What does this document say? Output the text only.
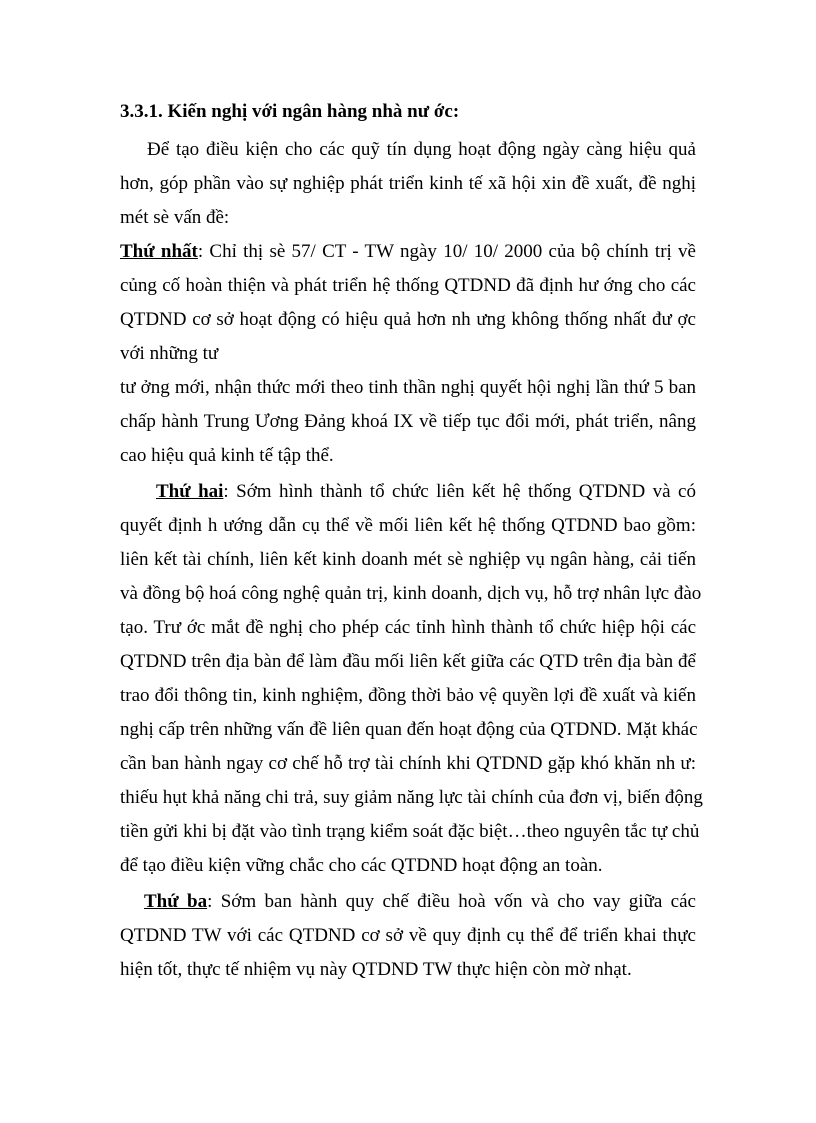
3.3.1. Kiến nghị với ngân hàng nhà nư ớc:
Để tạo điều kiện cho các quỹ tín dụng hoạt động ngày càng hiệu quả
hơn, góp phần vào sự nghiệp phát triển kinh tế xã hội xin đề xuất, đề nghị
mét sè vấn đề:
Thứ nhất: Chỉ thị sè 57/ CT - TW ngày 10/ 10/ 2000 của bộ chính trị về
củng cố hoàn thiện và phát triển hệ thống QTDND đã định hư ớng cho các
QTDND cơ sở hoạt động có hiệu quả hơn nh ưng không thống nhất đư ợc
với những tư
tư ởng mới, nhận thức mới theo tinh thần nghị quyết hội nghị lần thứ 5 ban
chấp hành Trung Ương Đảng khoá IX về tiếp tục đổi mới, phát triển, nâng
cao hiệu quả kinh tế tập thể.
Thứ hai: Sớm hình thành tổ chức liên kết hệ thống QTDND và có
quyết định h ướng dẫn cụ thể về mối liên kết hệ thống QTDND bao gồm:
liên kết tài chính, liên kết kinh doanh mét sè nghiệp vụ ngân hàng, cải tiến
và đồng bộ hoá công nghệ quản trị, kinh doanh, dịch vụ, hỗ trợ nhân lực đào
tạo. Trư ớc mắt đề nghị cho phép các tỉnh hình thành tổ chức hiệp hội các
QTDND trên địa bàn để làm đầu mối liên kết giữa các QTD trên địa bàn để
trao đổi thông tin, kinh nghiệm, đồng thời bảo vệ quyền lợi đề xuất và kiến
nghị cấp trên những vấn đề liên quan đến hoạt động của QTDND. Mặt khác
cần ban hành ngay cơ chế hỗ trợ tài chính khi QTDND gặp khó khăn nh ư:
thiếu hụt khả năng chi trả, suy giảm năng lực tài chính của đơn vị, biến động
tiền gửi khi bị đặt vào tình trạng kiểm soát đặc biệt…theo nguyên tắc tự chủ
để tạo điều kiện vững chắc cho các QTDND hoạt động an toàn.
Thứ ba: Sớm ban hành quy chế điều hoà vốn và cho vay giữa các
QTDND TW với các QTDND cơ sở về quy định cụ thể để triển khai thực
hiện tốt, thực tế nhiệm vụ này QTDND TW thực hiện còn mờ nhạt.
